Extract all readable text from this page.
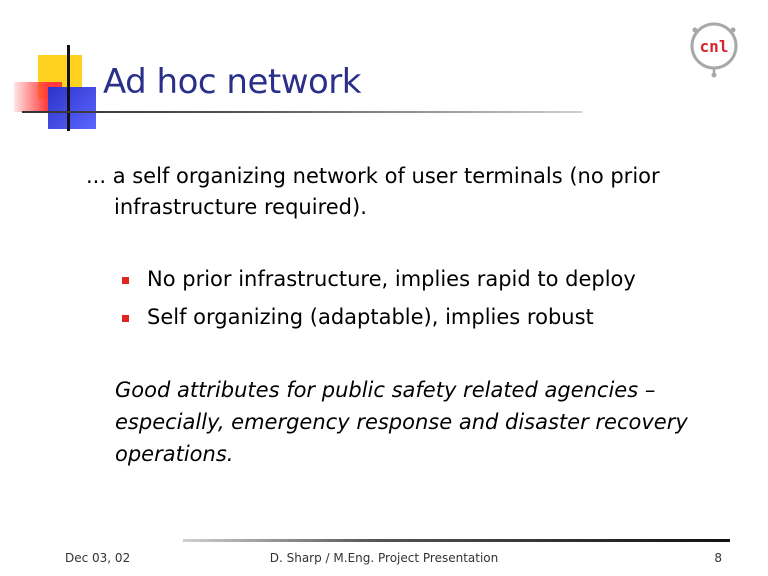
Ad hoc network
cnl

... a self organizing network of user terminals (no prior infrastructure required).

No prior infrastructure, implies rapid to deploy
Self organizing (adaptable), implies robust

Good attributes for public safety related agencies – especially, emergency response and disaster recovery operations.

Dec 03, 02	D. Sharp / M.Eng. Project Presentation	8
